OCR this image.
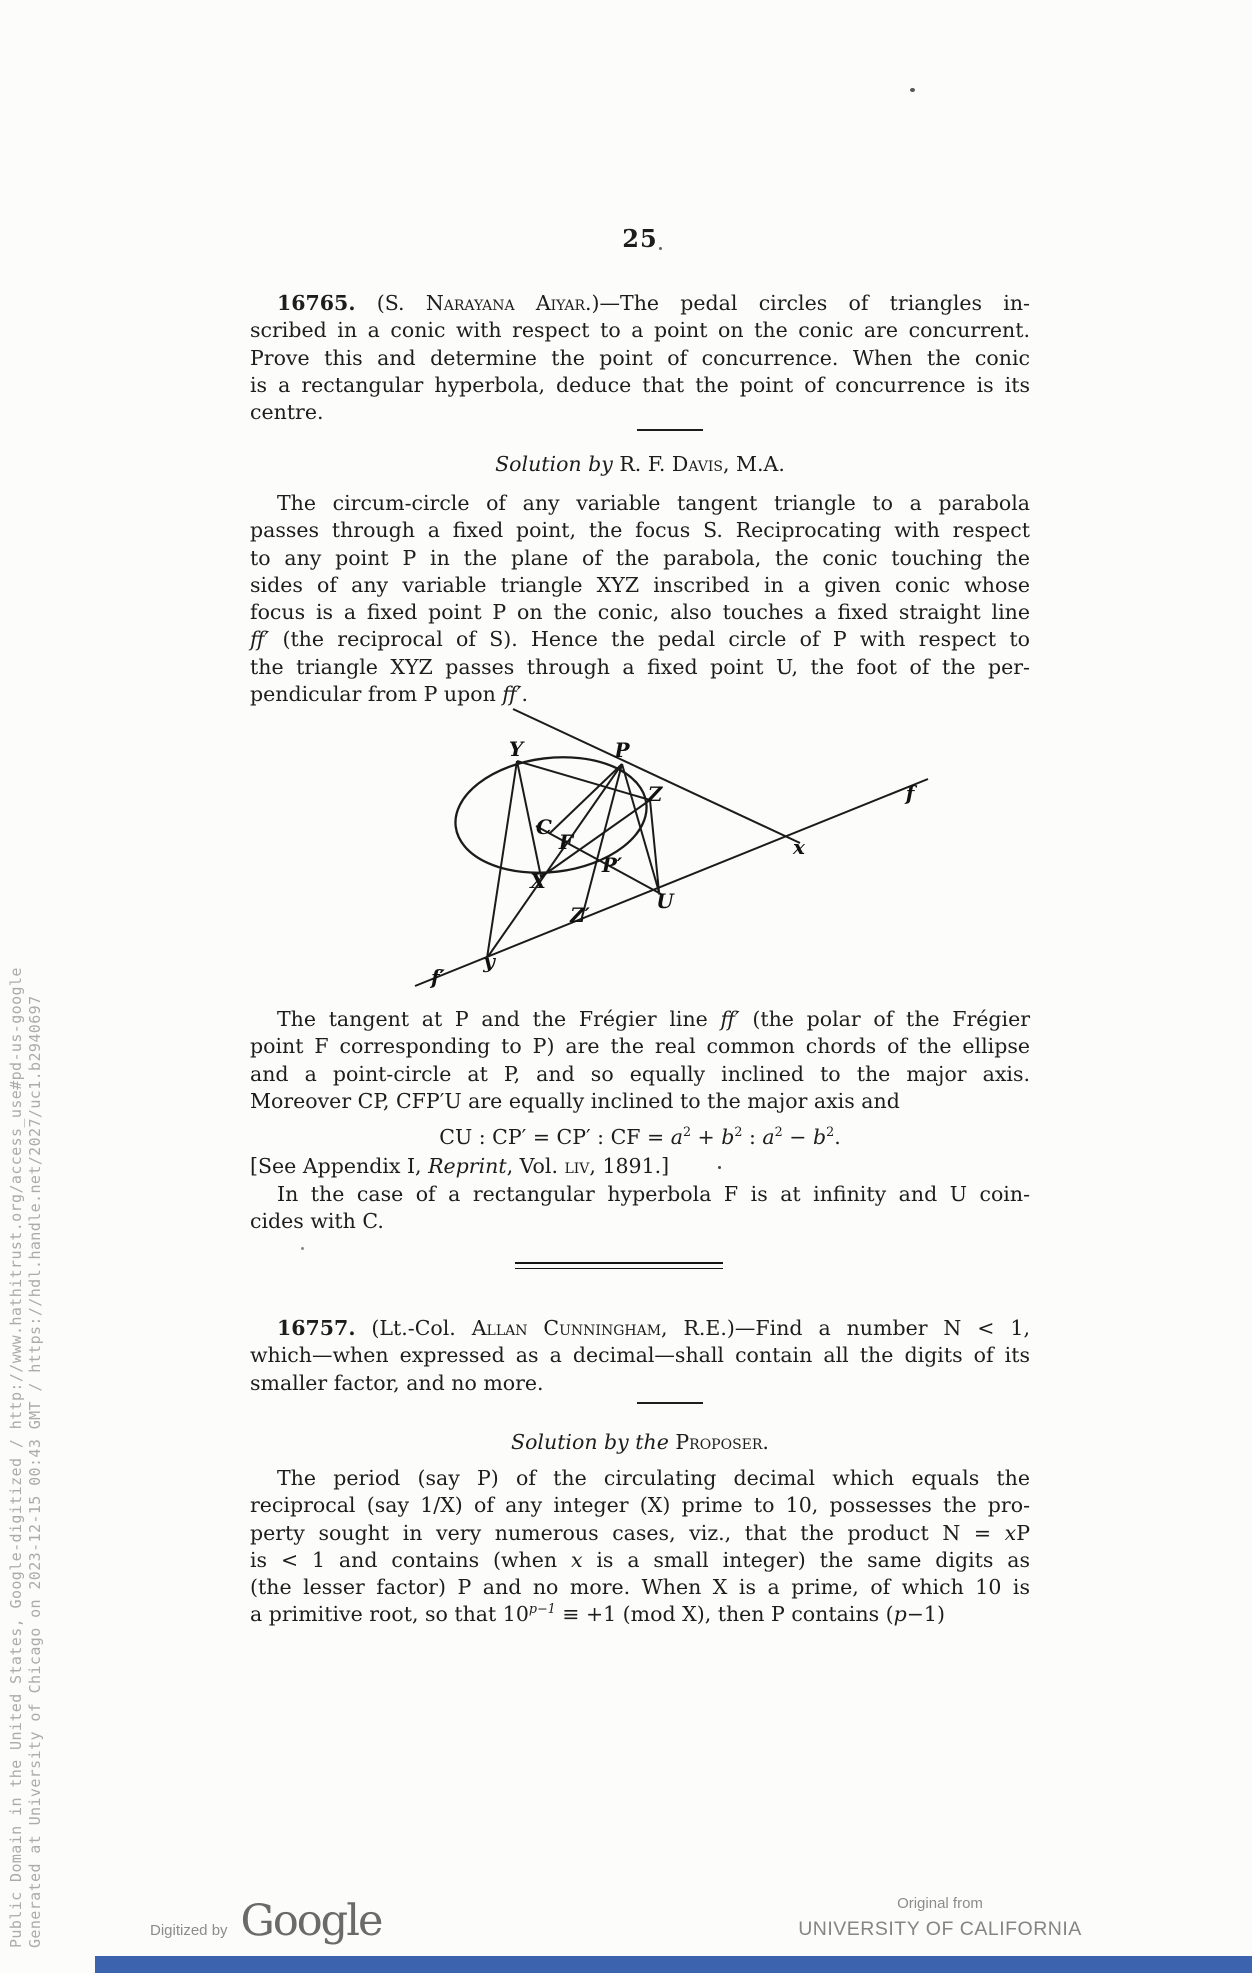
Generated at University of Chicago on 2023-12-15 00:43 GMT / https://hdl.handle.net/2027/uc1.b2940697
Public Domain in the United States, Google-digitized / http://www.hathitrust.org/access_use#pd-us-google
25
16765. (S. Narayana Aiyar.)—The pedal circles of triangles in-
scribed in a conic with respect to a point on the conic are concurrent.
Prove this and determine the point of concurrence. When the conic
is a rectangular hyperbola, deduce that the point of concurrence is its
centre.
Solution by R. F. Davis, M.A.
The circum-circle of any variable tangent triangle to a parabola
passes through a fixed point, the focus S. Reciprocating with respect
to any point P in the plane of the parabola, the conic touching the
sides of any variable triangle XYZ inscribed in a given conic whose
focus is a fixed point P on the conic, also touches a fixed straight line
ff′ (the reciprocal of S). Hence the pedal circle of P with respect to
the triangle XYZ passes through a fixed point U, the foot of the per-
pendicular from P upon ff′.
Y	P
Z
C
F
X
P′
U
Z′
y
f′
x
f
The tangent at P and the Frégier line ff′ (the polar of the Frégier
point F corresponding to P) are the real common chords of the ellipse
and a point-circle at P, and so equally inclined to the major axis.
Moreover CP, CFP′U are equally inclined to the major axis and
CU : CP′ = CP′ : CF = $a^2 + b^2$ : $a^2 - b^2$.
[See Appendix I, Reprint, Vol. liv, 1891.]
In the case of a rectangular hyperbola F is at infinity and U coin-
cides with C.
16757. (Lt.-Col. Allan Cunningham, R.E.)—Find a number N < 1,
which—when expressed as a decimal—shall contain all the digits of its
smaller factor, and no more.
Solution by the Proposer.
The period (say P) of the circulating decimal which equals the
reciprocal (say 1/X) of any integer (X) prime to 10, possesses the pro-
perty sought in very numerous cases, viz., that the product N = xP
is < 1 and contains (when x is a small integer) the same digits as
(the lesser factor) P and no more. When X is a prime, of which 10 is
a primitive root, so that $10^{p-1} \equiv +1$ (mod X), then P contains (p−1)
Digitized by Google	Original from
UNIVERSITY OF CALIFORNIA
